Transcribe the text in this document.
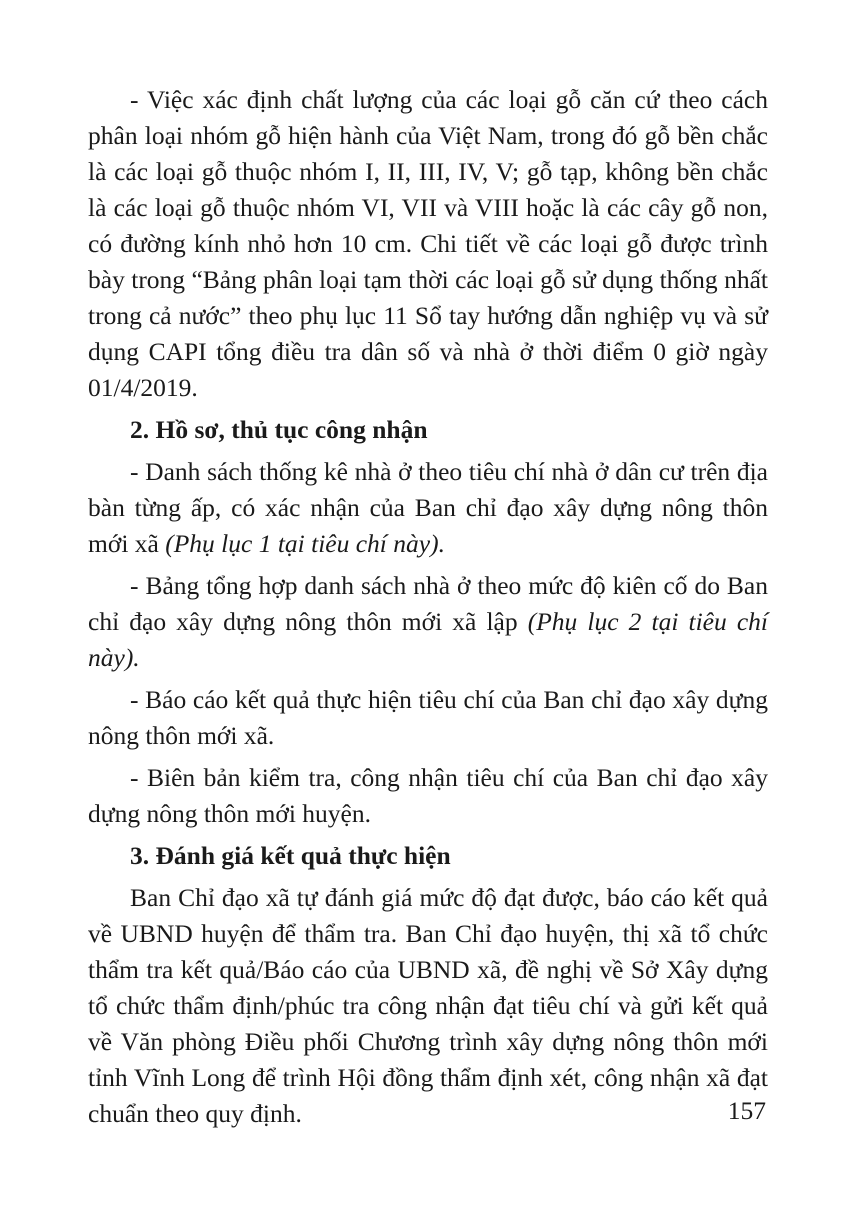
- Việc xác định chất lượng của các loại gỗ căn cứ theo cách phân loại nhóm gỗ hiện hành của Việt Nam, trong đó gỗ bền chắc là các loại gỗ thuộc nhóm I, II, III, IV, V; gỗ tạp, không bền chắc là các loại gỗ thuộc nhóm VI, VII và VIII hoặc là các cây gỗ non, có đường kính nhỏ hơn 10 cm. Chi tiết về các loại gỗ được trình bày trong “Bảng phân loại tạm thời các loại gỗ sử dụng thống nhất trong cả nước” theo phụ lục 11 Sổ tay hướng dẫn nghiệp vụ và sử dụng CAPI tổng điều tra dân số và nhà ở thời điểm 0 giờ ngày 01/4/2019.

2. Hồ sơ, thủ tục công nhận

- Danh sách thống kê nhà ở theo tiêu chí nhà ở dân cư trên địa bàn từng ấp, có xác nhận của Ban chỉ đạo xây dựng nông thôn mới xã (Phụ lục 1 tại tiêu chí này).

- Bảng tổng hợp danh sách nhà ở theo mức độ kiên cố do Ban chỉ đạo xây dựng nông thôn mới xã lập (Phụ lục 2 tại tiêu chí này).

- Báo cáo kết quả thực hiện tiêu chí của Ban chỉ đạo xây dựng nông thôn mới xã.

- Biên bản kiểm tra, công nhận tiêu chí của Ban chỉ đạo xây dựng nông thôn mới huyện.

3. Đánh giá kết quả thực hiện

Ban Chỉ đạo xã tự đánh giá mức độ đạt được, báo cáo kết quả về UBND huyện để thẩm tra. Ban Chỉ đạo huyện, thị xã tổ chức thẩm tra kết quả/Báo cáo của UBND xã, đề nghị về Sở Xây dựng tổ chức thẩm định/phúc tra công nhận đạt tiêu chí và gửi kết quả về Văn phòng Điều phối Chương trình xây dựng nông thôn mới tỉnh Vĩnh Long để trình Hội đồng thẩm định xét, công nhận xã đạt chuẩn theo quy định.	157
